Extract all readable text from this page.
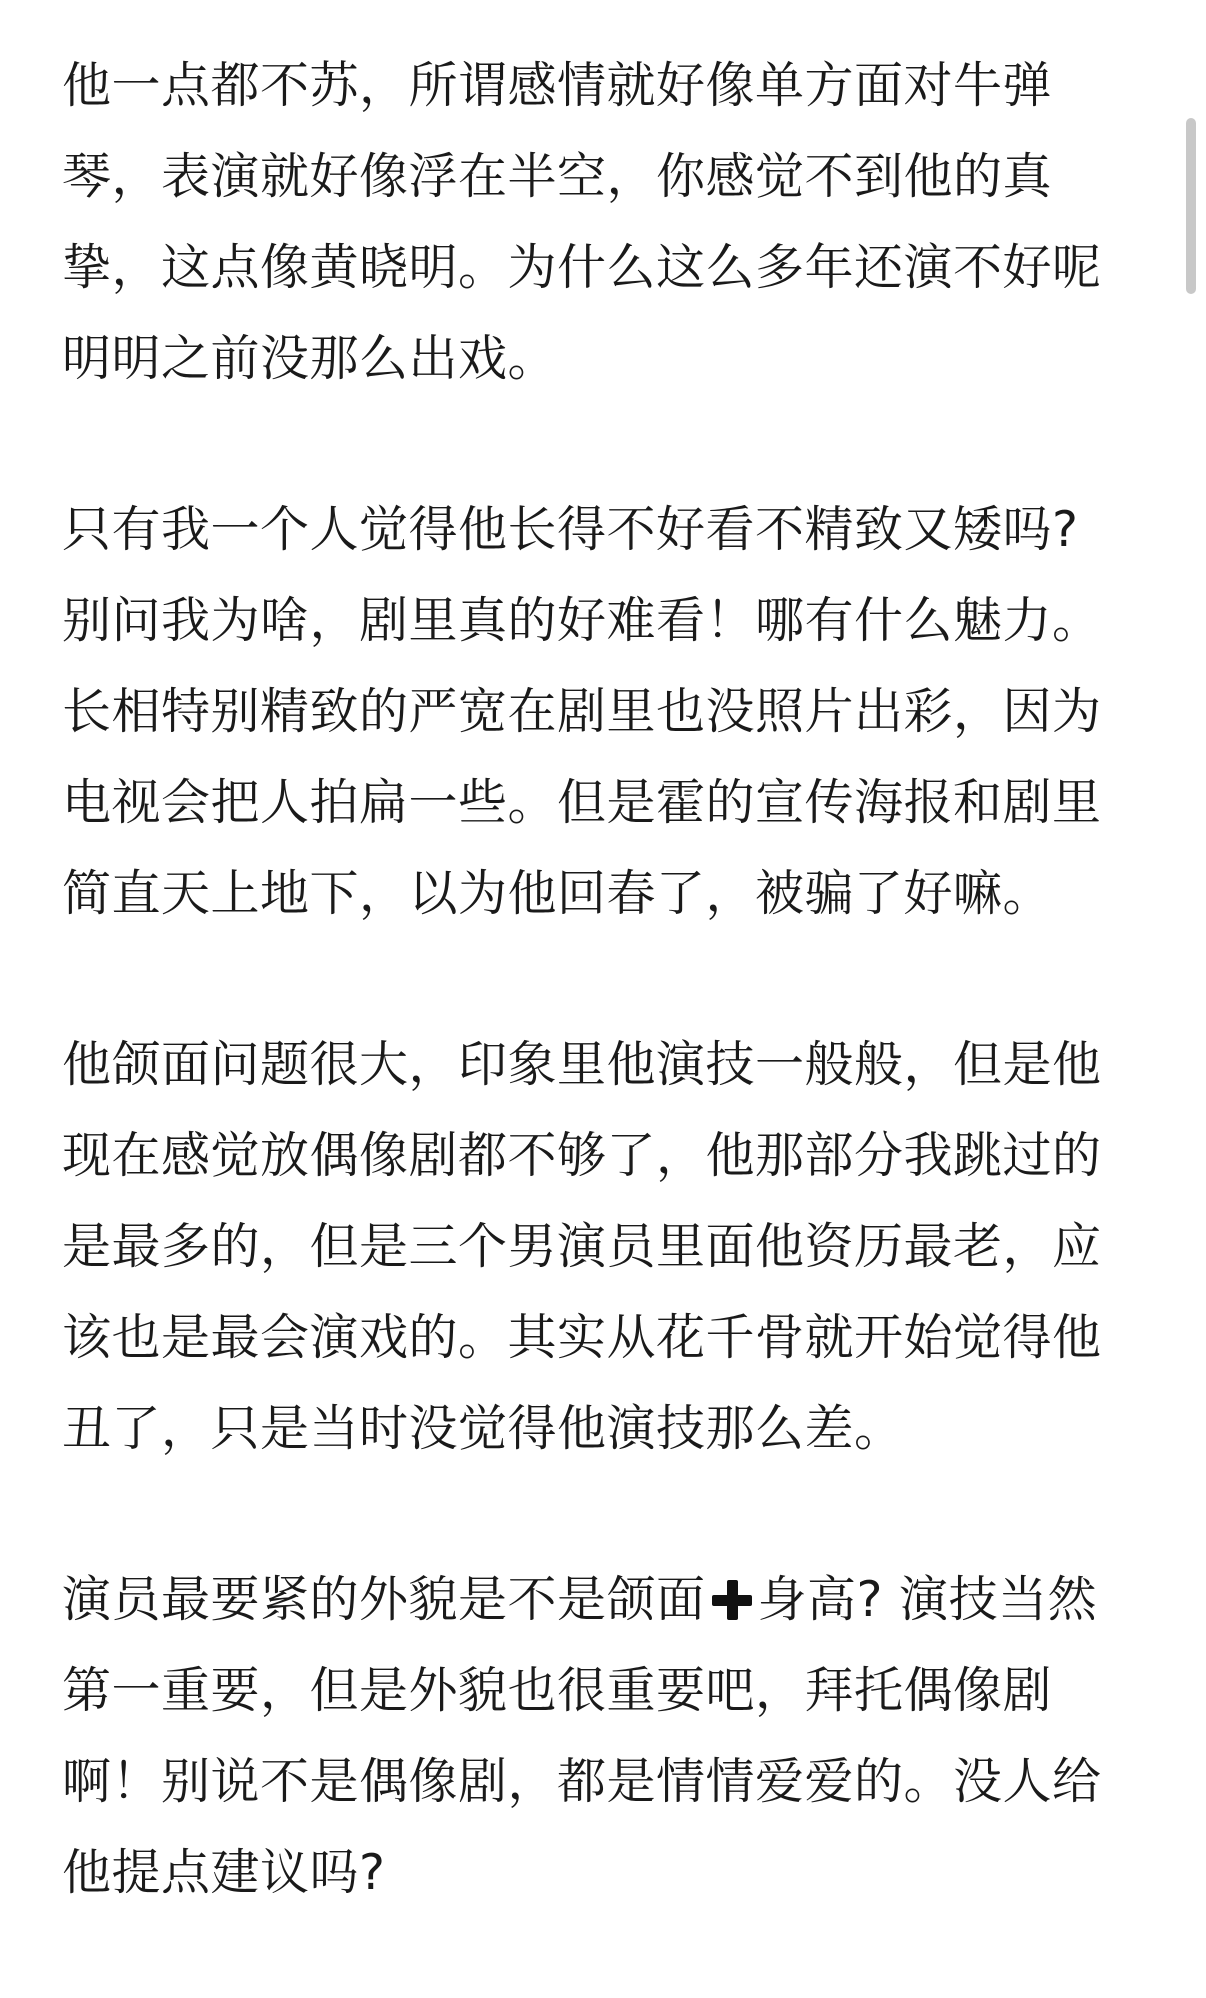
他一点都不苏，所谓感情就好像单方面对牛弹
琴，表演就好像浮在半空，你感觉不到他的真
挚，这点像黄晓明。为什么这么多年还演不好呢
明明之前没那么出戏。
只有我一个人觉得他长得不好看不精致又矮吗?
别问我为啥，剧里真的好难看！哪有什么魅力。
长相特别精致的严宽在剧里也没照片出彩，因为
电视会把人拍扁一些。但是霍的宣传海报和剧里
简直天上地下，以为他回春了，被骗了好嘛。
他颌面问题很大，印象里他演技一般般，但是他
现在感觉放偶像剧都不够了，他那部分我跳过的
是最多的，但是三个男演员里面他资历最老，应
该也是最会演戏的。其实从花千骨就开始觉得他
丑了，只是当时没觉得他演技那么差。
演员最要紧的外貌是不是颌面 身高? 演技当然
第一重要，但是外貌也很重要吧，拜托偶像剧
啊！别说不是偶像剧，都是情情爱爱的。没人给
他提点建议吗?
